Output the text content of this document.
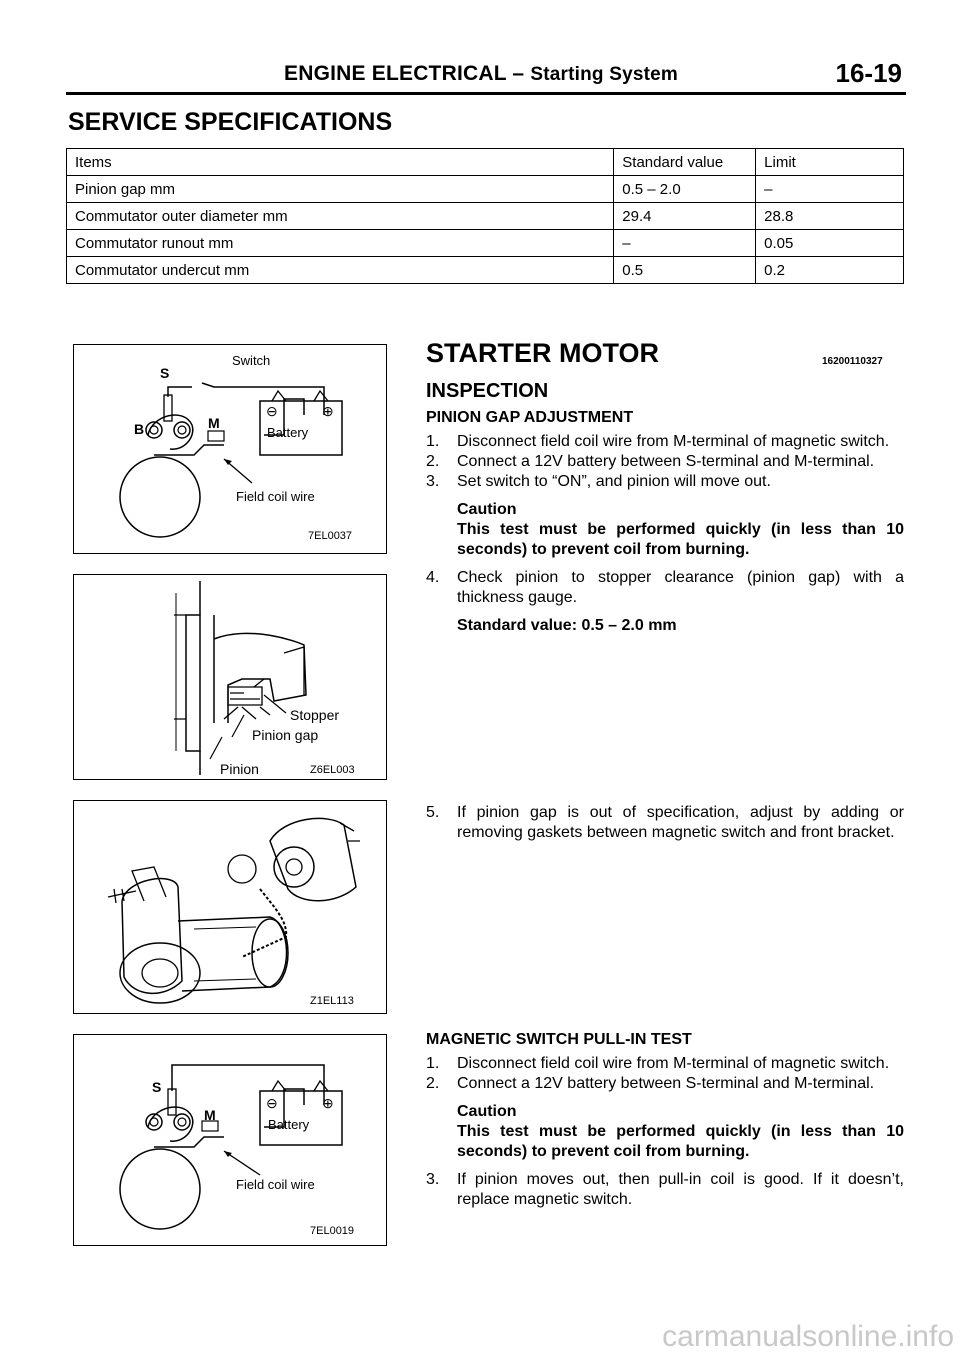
ENGINE ELECTRICAL – Starting System	16-19
SERVICE SPECIFICATIONS
Items	Standard value	Limit
Pinion gap mm	0.5 – 2.0	–
Commutator outer diameter mm	29.4	28.8
Commutator runout mm	–	0.05
Commutator undercut mm	0.5	0.2
Switch
S
B	M
⊖	⊕
Battery
Field coil wire
7EL0037
Stopper
Pinion gap
Pinion	Z6EL003
Z1EL113
S
M
⊖	⊕
Battery
Field coil wire
7EL0019
STARTER MOTOR	16200110327
INSPECTION
PINION GAP ADJUSTMENT
1. Disconnect field coil wire from M-terminal of magnetic switch.
2. Connect a 12V battery between S-terminal and M-terminal.
3. Set switch to “ON”, and pinion will move out.
Caution
This test must be performed quickly (in less than 10 seconds) to prevent coil from burning.
4. Check pinion to stopper clearance (pinion gap) with a thickness gauge.
Standard value: 0.5 – 2.0 mm
5. If pinion gap is out of specification, adjust by adding or removing gaskets between magnetic switch and front bracket.
MAGNETIC SWITCH PULL-IN TEST
1. Disconnect field coil wire from M-terminal of magnetic switch.
2. Connect a 12V battery between S-terminal and M-terminal.
Caution
This test must be performed quickly (in less than 10 seconds) to prevent coil from burning.
3. If pinion moves out, then pull-in coil is good. If it doesn’t, replace magnetic switch.
carmanualsonline.info
